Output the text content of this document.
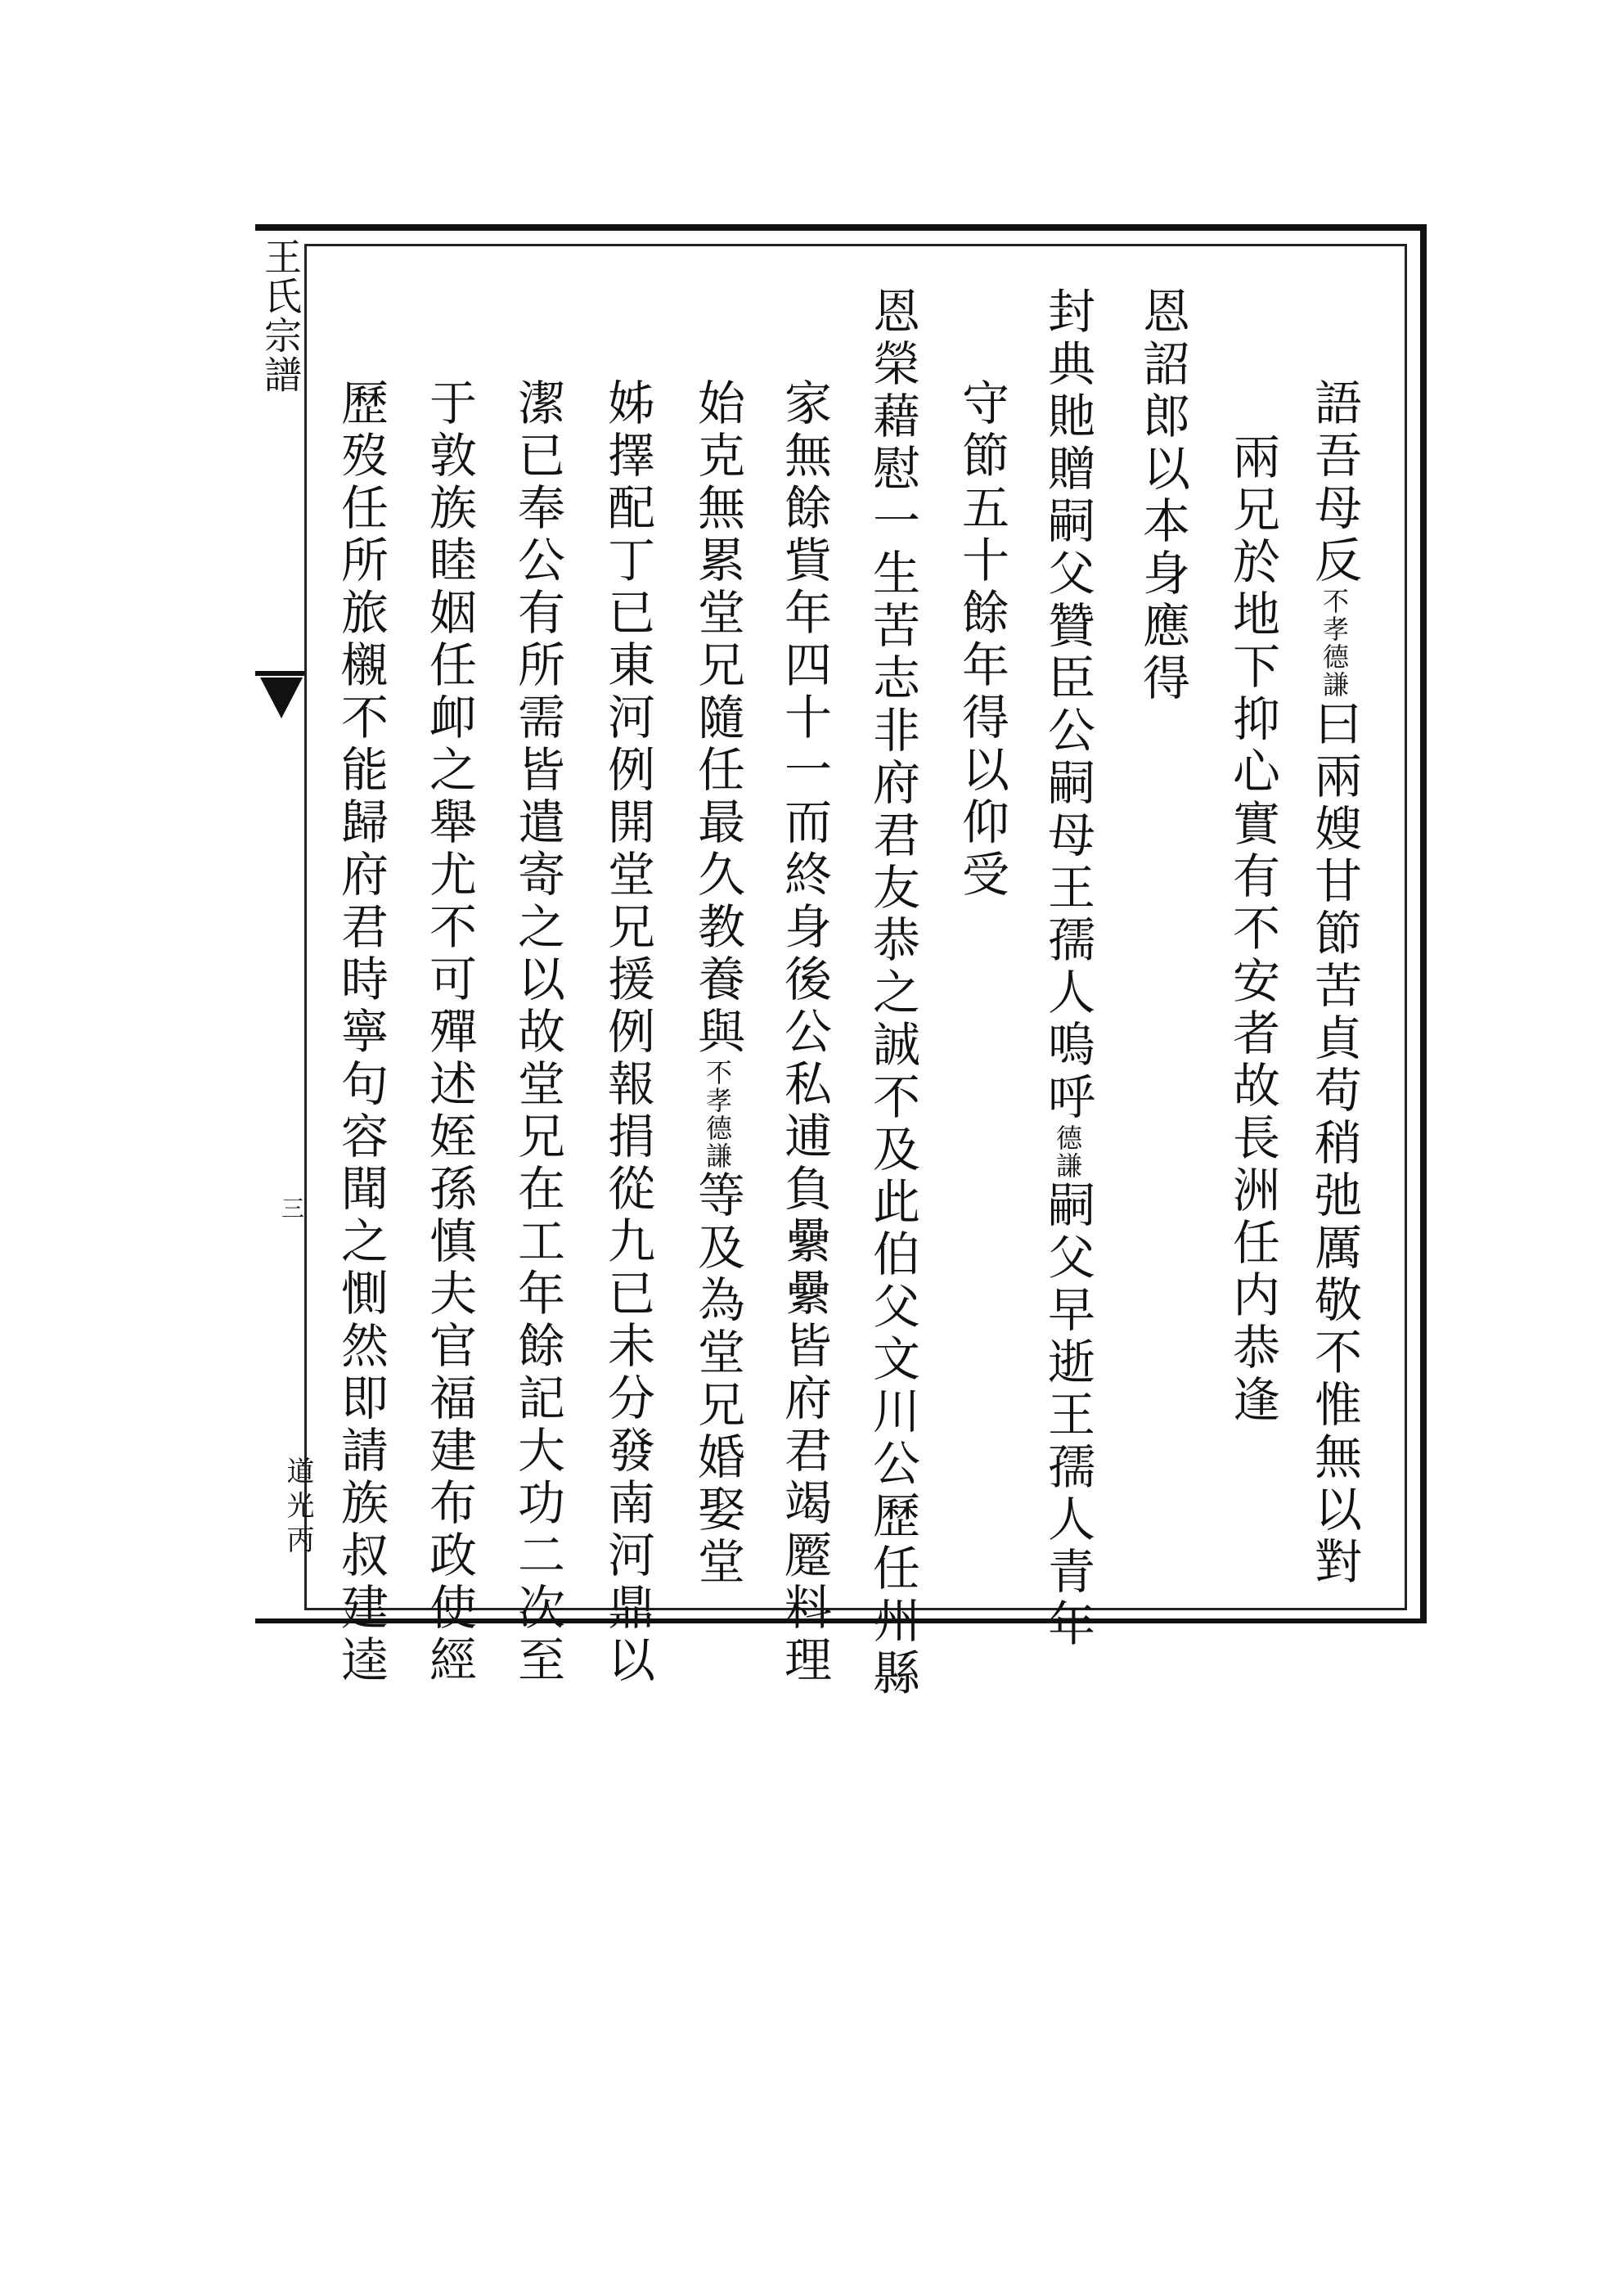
王氏宗譜
三
道光丙
語吾母反不孝德謙曰兩嫂甘節苦貞苟稍弛厲敬不惟無以對
兩兄於地下抑心實有不安者故長洲任内恭逢
恩詔郎以本身應得
封典貤贈嗣父贊臣公嗣母王孺人嗚呼德謙嗣父早逝王孺人青年
守節五十餘年得以仰受
恩榮藉慰一生苦志非府君友恭之誠不及此伯父文川公歷任州縣
家無餘貲年四十一而終身後公私逋負纍纍皆府君竭蹷料理
始克無累堂兄隨任最久教養與不孝德謙等及為堂兄婚娶堂
姊擇配丁已東河例開堂兄援例報捐從九已未分發南河鼎以
潔已奉公有所需皆遣寄之以故堂兄在工年餘記大功二次至
于敦族睦姻任卹之舉尤不可殫述姪孫慎夫官福建布政使經
歷歿任所旅櫬不能歸府君時寧句容聞之惻然即請族叔建逵
